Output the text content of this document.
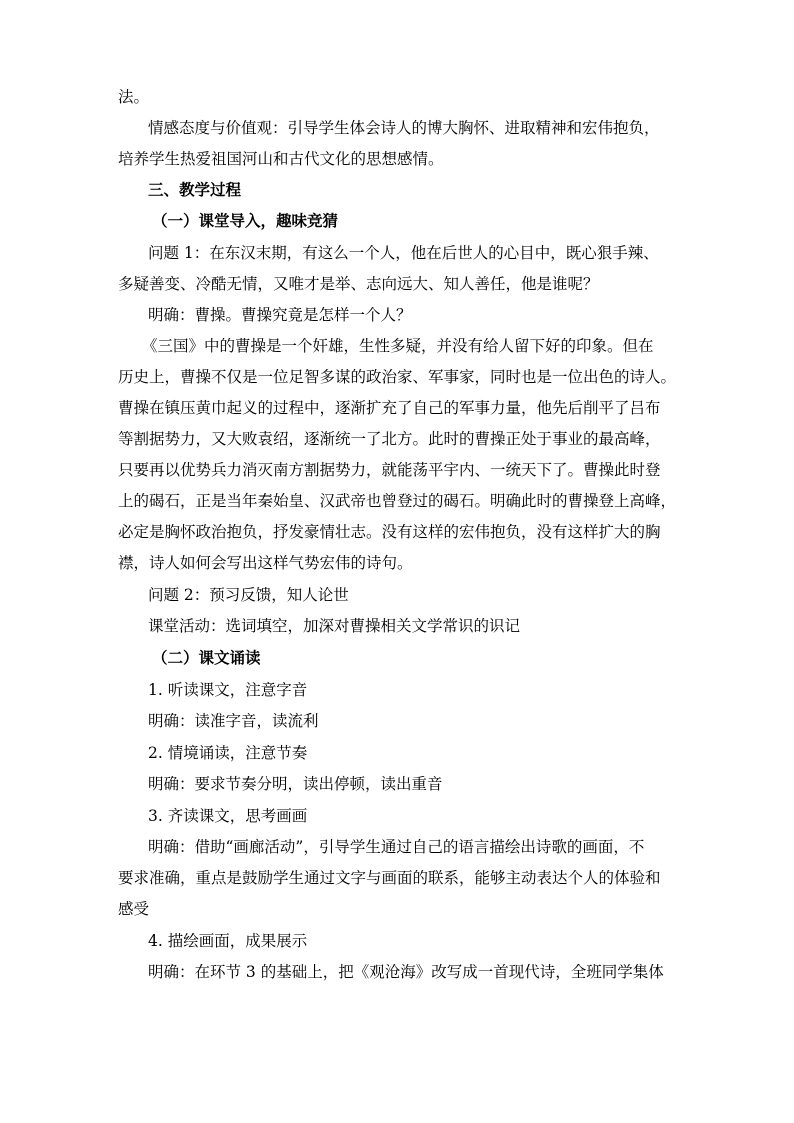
法。
情感态度与价值观：引导学生体会诗人的博大胸怀、进取精神和宏伟抱负，
培养学生热爱祖国河山和古代文化的思想感情。
三、教学过程
（一）课堂导入，趣味竞猜
问题 1：在东汉末期，有这么一个人，他在后世人的心目中，既心狠手辣、
多疑善变、冷酷无情，又唯才是举、志向远大、知人善任，他是谁呢？
明确：曹操。曹操究竟是怎样一个人？
《三国》中的曹操是一个奸雄，生性多疑，并没有给人留下好的印象。但在
历史上，曹操不仅是一位足智多谋的政治家、军事家，同时也是一位出色的诗人。
曹操在镇压黄巾起义的过程中，逐渐扩充了自己的军事力量，他先后削平了吕布
等割据势力，又大败袁绍，逐渐统一了北方。此时的曹操正处于事业的最高峰，
只要再以优势兵力消灭南方割据势力，就能荡平宇内、一统天下了。曹操此时登
上的碣石，正是当年秦始皇、汉武帝也曾登过的碣石。明确此时的曹操登上高峰，
必定是胸怀政治抱负，抒发豪情壮志。没有这样的宏伟抱负，没有这样扩大的胸
襟，诗人如何会写出这样气势宏伟的诗句。
问题 2：预习反馈，知人论世
课堂活动：选词填空，加深对曹操相关文学常识的识记
（二）课文诵读
1. 听读课文，注意字音
明确：读准字音，读流利
2. 情境诵读，注意节奏
明确：要求节奏分明，读出停顿，读出重音
3. 齐读课文，思考画画
明确：借助“画廊活动”，引导学生通过自己的语言描绘出诗歌的画面，不
要求准确，重点是鼓励学生通过文字与画面的联系，能够主动表达个人的体验和
感受
4. 描绘画面，成果展示
明确：在环节 3 的基础上，把《观沧海》改写成一首现代诗，全班同学集体
